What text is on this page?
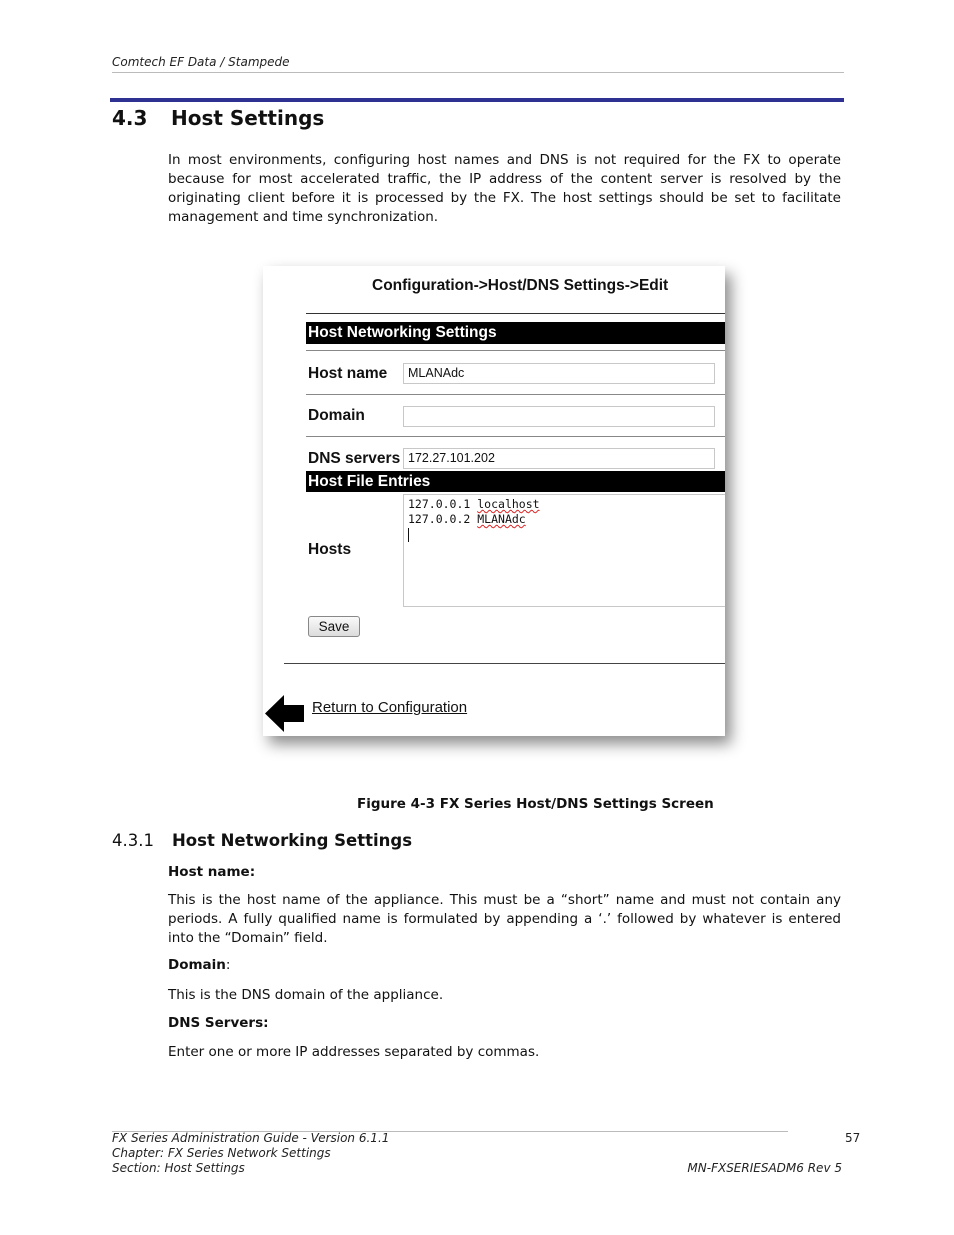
Comtech EF Data / Stampede
4.3 Host Settings
In most environments, configuring host names and DNS is not required for the FX to operate because for most accelerated traffic, the IP address of the content server is resolved by the originating client before it is processed by the FX. The host settings should be set to facilitate management and time synchronization.
Configuration->Host/DNS Settings->Edit
Host Networking Settings
Host name	MLANAdc
Domain
DNS servers 172.27.101.202
Host File Entries
Hosts
127.0.0.1 localhost
127.0.0.2 MLANAdc
Save
Return to Configuration
Figure 4-3 FX Series Host/DNS Settings Screen
4.3.1 Host Networking Settings
Host name:
This is the host name of the appliance. This must be a “short” name and must not contain any periods. A fully qualified name is formulated by appending a ‘.’ followed by whatever is entered into the “Domain” field.
Domain:
This is the DNS domain of the appliance.
DNS Servers:
Enter one or more IP addresses separated by commas.
FX Series Administration Guide - Version 6.1.1
Chapter: FX Series Network Settings
Section: Host Settings
57
MN-FXSERIESADM6 Rev 5
